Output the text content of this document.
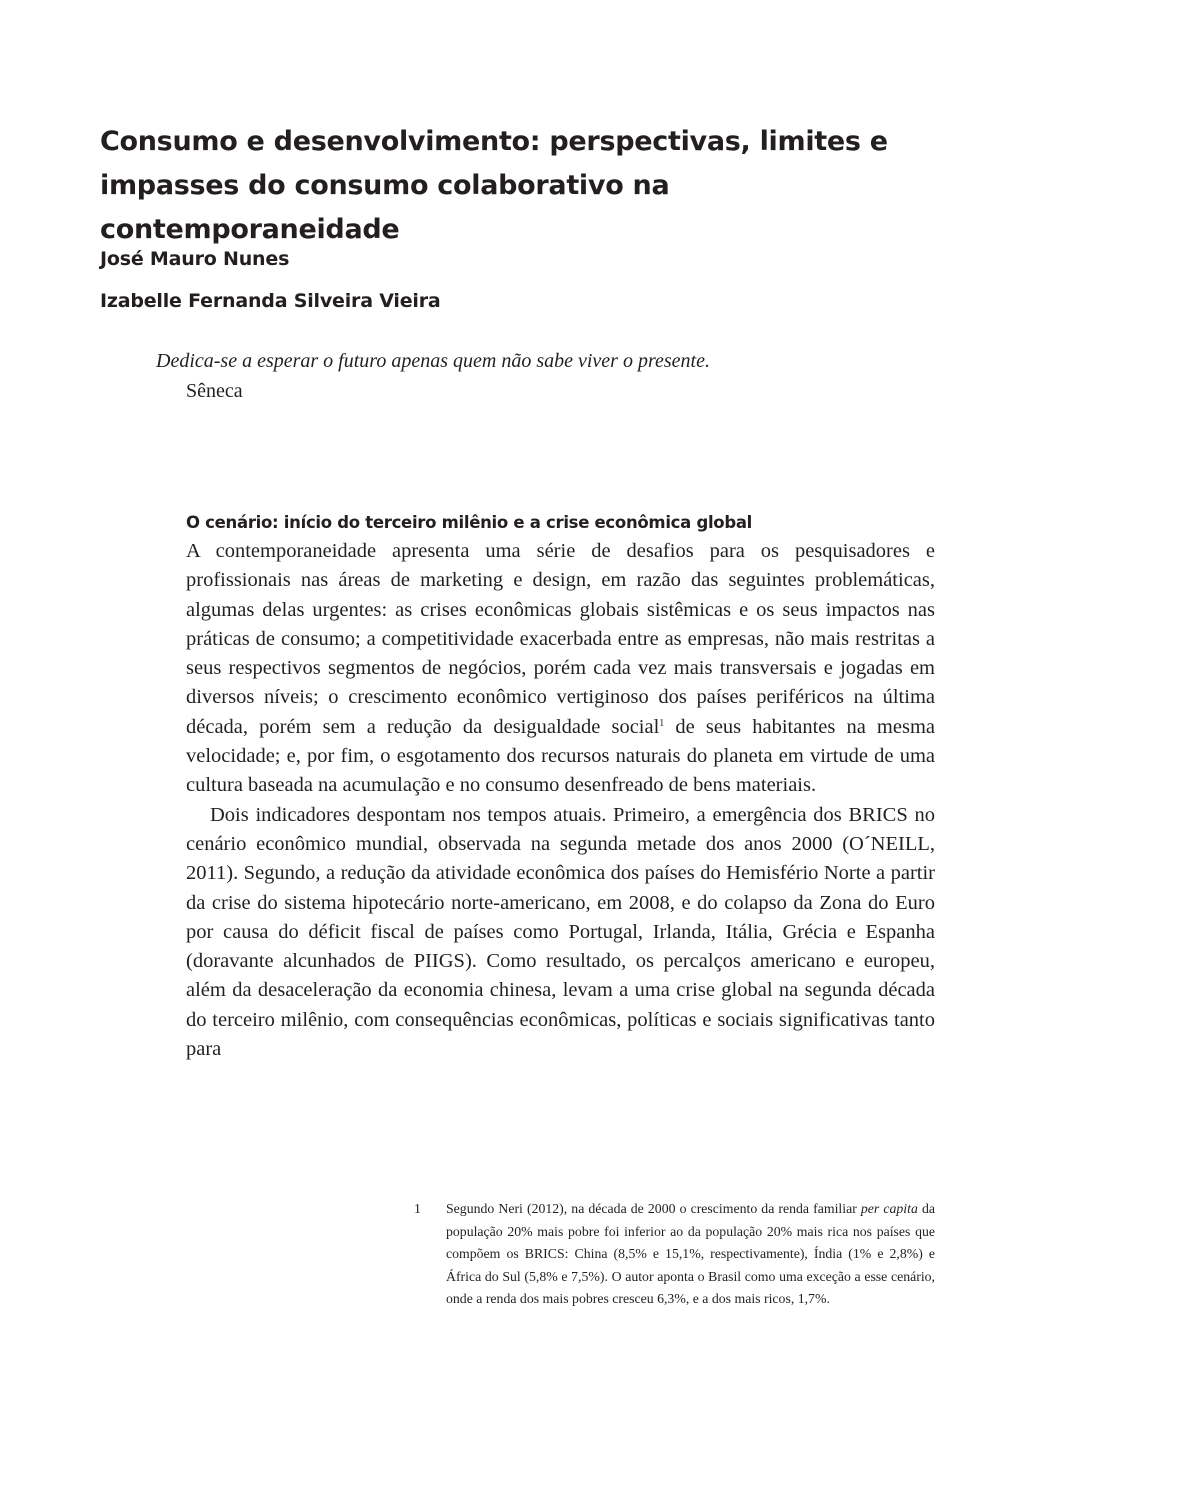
Consumo e desenvolvimento: perspectivas, limites e impasses do consumo colaborativo na contemporaneidade

José Mauro Nunes

Izabelle Fernanda Silveira Vieira

Dedica-se a esperar o futuro apenas quem não sabe viver o presente.

Sêneca

O cenário: início do terceiro milênio e a crise econômica global

A contemporaneidade apresenta uma série de desafios para os pesquisadores e profissionais nas áreas de marketing e design, em razão das seguintes problemáticas, algumas delas urgentes: as crises econômicas globais sistêmicas e os seus impactos nas práticas de consumo; a competitividade exacerbada entre as empresas, não mais restritas a seus respectivos segmentos de negócios, porém cada vez mais transversais e jogadas em diversos níveis; o crescimento econômico vertiginoso dos países periféricos na última década, porém sem a redução da desigualdade social$^1$ de seus habitantes na mesma velocidade; e, por fim, o esgotamento dos recursos naturais do planeta em virtude de uma cultura baseada na acumulação e no consumo desenfreado de bens materiais.

Dois indicadores despontam nos tempos atuais. Primeiro, a emergência dos BRICS no cenário econômico mundial, observada na segunda metade dos anos 2000 (O´NEILL, 2011). Segundo, a redução da atividade econômica dos países do Hemisfério Norte a partir da crise do sistema hipotecário norte-americano, em 2008, e do colapso da Zona do Euro por causa do déficit fiscal de países como Portugal, Irlanda, Itália, Grécia e Espanha (doravante alcunhados de PIIGS). Como resultado, os percalços americano e europeu, além da desaceleração da economia chinesa, levam a uma crise global na segunda década do terceiro milênio, com consequências econômicas, políticas e sociais significativas tanto para

1 Segundo Neri (2012), na década de 2000 o crescimento da renda familiar per capita da população 20% mais pobre foi inferior ao da população 20% mais rica nos países que compõem os BRICS: China (8,5% e 15,1%, respectivamente), Índia (1% e 2,8%) e África do Sul (5,8% e 7,5%). O autor aponta o Brasil como uma exceção a esse cenário, onde a renda dos mais pobres cresceu 6,3%, e a dos mais ricos, 1,7%.
